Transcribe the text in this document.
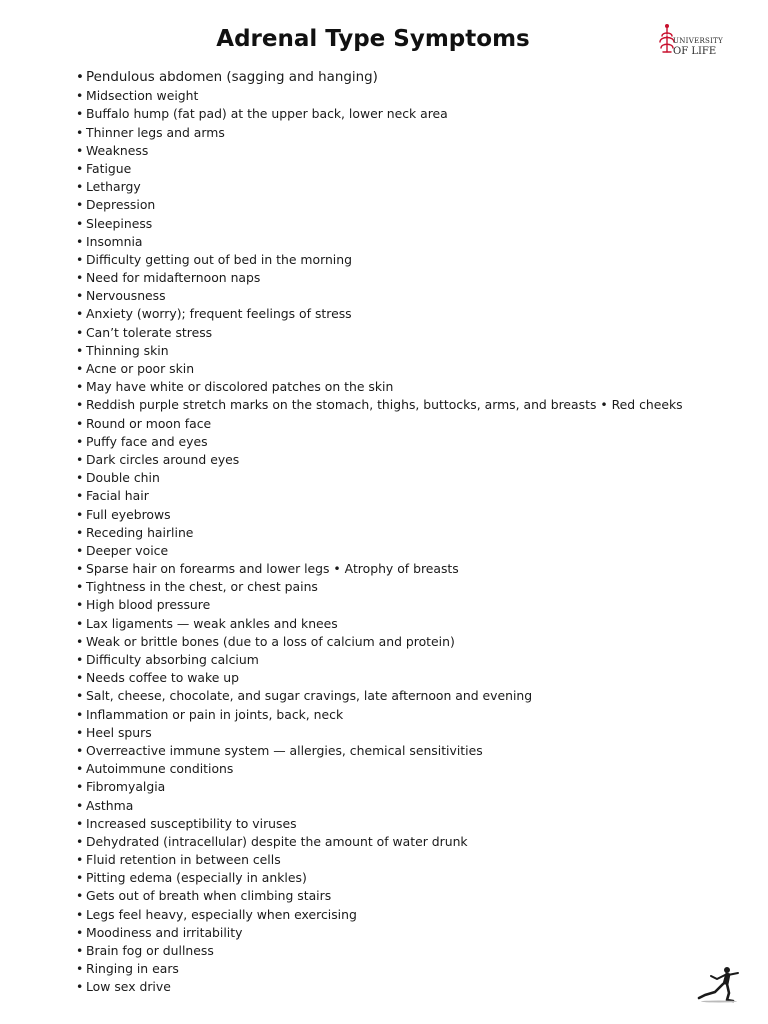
Adrenal Type Symptoms	UNIVERSITY
OF LIFE
• Pendulous abdomen (sagging and hanging)
• Midsection weight
• Buffalo hump (fat pad) at the upper back, lower neck area
• Thinner legs and arms
• Weakness
• Fatigue
• Lethargy
• Depression
• Sleepiness
• Insomnia
• Difficulty getting out of bed in the morning
• Need for midafternoon naps
• Nervousness
• Anxiety (worry); frequent feelings of stress
• Can’t tolerate stress
• Thinning skin
• Acne or poor skin
• May have white or discolored patches on the skin
• Reddish purple stretch marks on the stomach, thighs, buttocks, arms, and breasts • Red cheeks
• Round or moon face
• Puffy face and eyes
• Dark circles around eyes
• Double chin
• Facial hair
• Full eyebrows
• Receding hairline
• Deeper voice
• Sparse hair on forearms and lower legs • Atrophy of breasts
• Tightness in the chest, or chest pains
• High blood pressure
• Lax ligaments — weak ankles and knees
• Weak or brittle bones (due to a loss of calcium and protein)
• Difficulty absorbing calcium
• Needs coffee to wake up
• Salt, cheese, chocolate, and sugar cravings, late afternoon and evening
• Inflammation or pain in joints, back, neck
• Heel spurs
• Overreactive immune system — allergies, chemical sensitivities
• Autoimmune conditions
• Fibromyalgia
• Asthma
• Increased susceptibility to viruses
• Dehydrated (intracellular) despite the amount of water drunk
• Fluid retention in between cells
• Pitting edema (especially in ankles)
• Gets out of breath when climbing stairs
• Legs feel heavy, especially when exercising
• Moodiness and irritability
• Brain fog or dullness
• Ringing in ears
• Low sex drive
